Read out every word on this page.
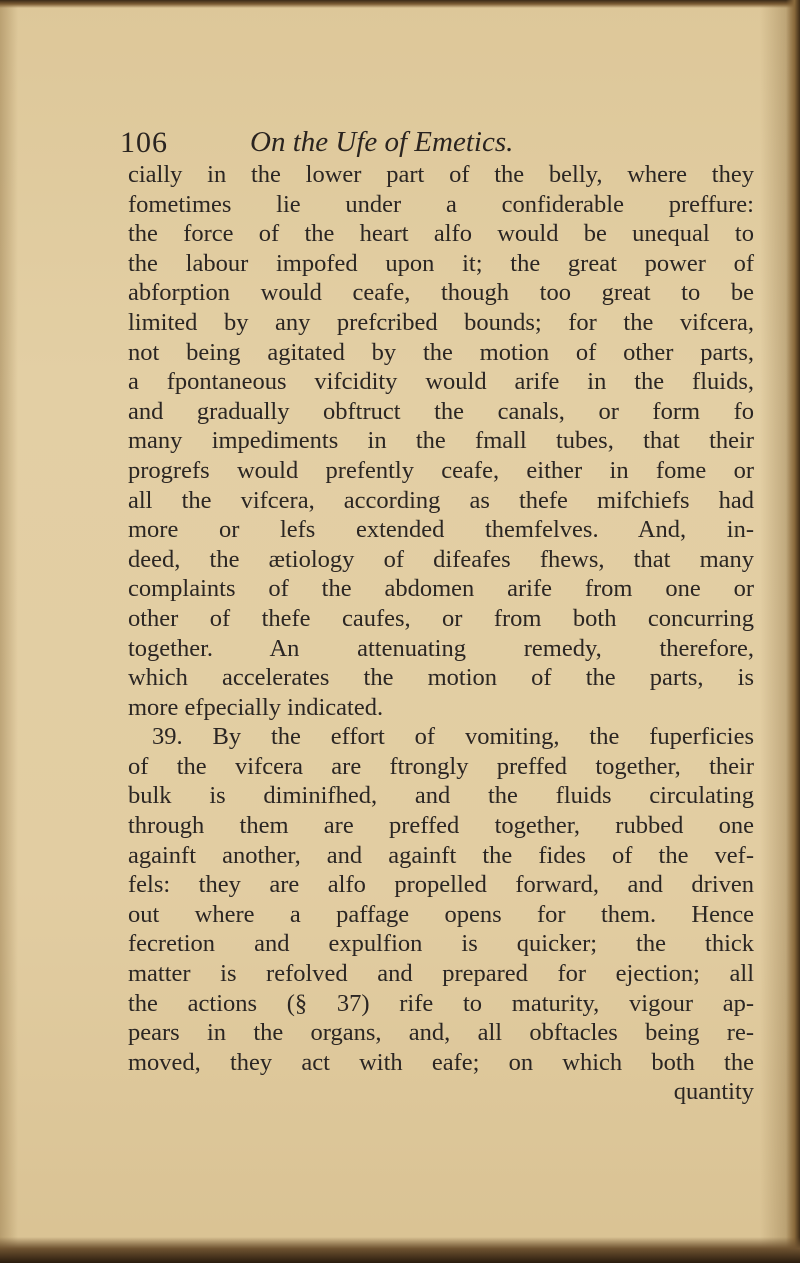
106	On the Ufe of Emetics.
cially in the lower part of the belly, where they
fometimes lie under a confiderable preffure:
the force of the heart alfo would be unequal to
the labour impofed upon it; the great power of
abforption would ceafe, though too great to be
limited by any prefcribed bounds; for the vifcera,
not being agitated by the motion of other parts,
a fpontaneous vifcidity would arife in the fluids,
and gradually obftruct the canals, or form fo
many impediments in the fmall tubes, that their
progrefs would prefently ceafe, either in fome or
all the vifcera, according as thefe mifchiefs had
more or lefs extended themfelves. And, in-
deed, the ætiology of difeafes fhews, that many
complaints of the abdomen arife from one or
other of thefe caufes, or from both concurring
together. An attenuating remedy, therefore,
which accelerates the motion of the parts, is
more efpecially indicated.
39. By the effort of vomiting, the fuperficies
of the vifcera are ftrongly preffed together, their
bulk is diminifhed, and the fluids circulating
through them are preffed together, rubbed one
againft another, and againft the fides of the vef-
fels: they are alfo propelled forward, and driven
out where a paffage opens for them. Hence
fecretion and expulfion is quicker; the thick
matter is refolved and prepared for ejection; all
the actions (§ 37) rife to maturity, vigour ap-
pears in the organs, and, all obftacles being re-
moved, they act with eafe; on which both the
quantity
